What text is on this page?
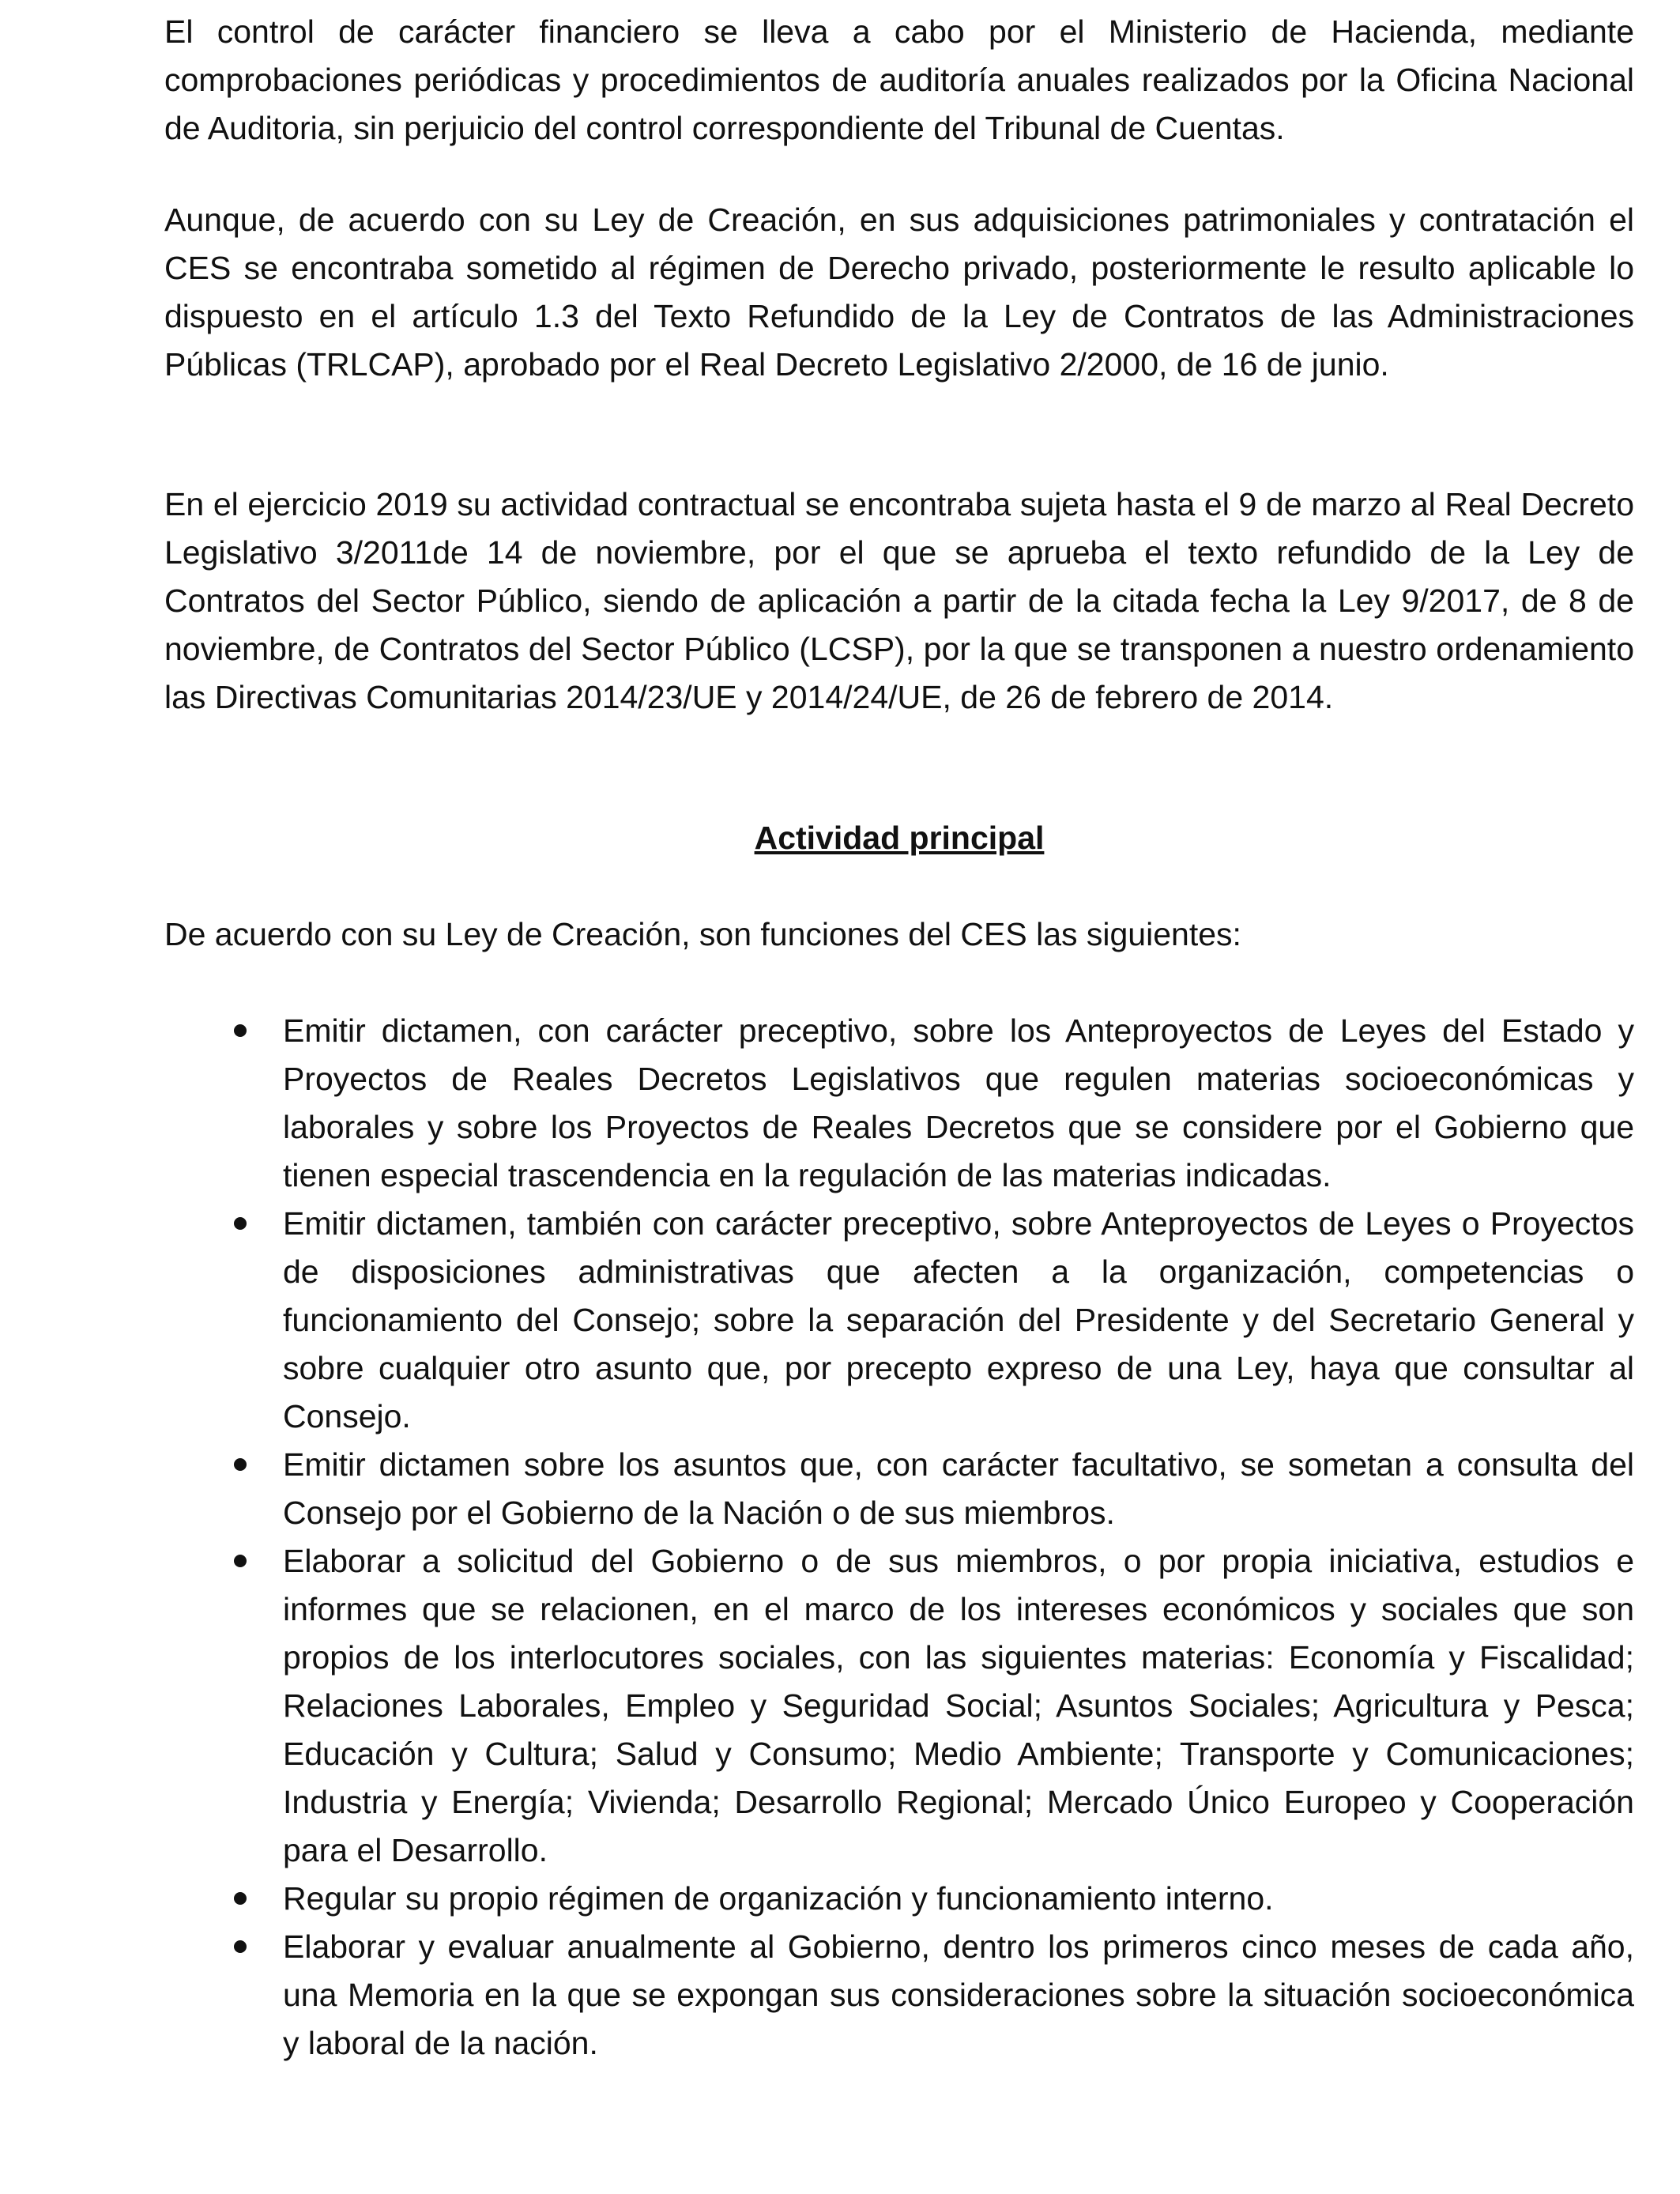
El control de carácter financiero se lleva a cabo por el Ministerio de Hacienda, mediante comprobaciones periódicas y procedimientos de auditoría anuales realizados por la Oficina Nacional de Auditoria, sin perjuicio del control correspondiente del Tribunal de Cuentas.

Aunque, de acuerdo con su Ley de Creación, en sus adquisiciones patrimoniales y contratación el CES se encontraba sometido al régimen de Derecho privado, posteriormente le resulto aplicable lo dispuesto en el artículo 1.3 del Texto Refundido de la Ley de Contratos de las Administraciones Públicas (TRLCAP), aprobado por el Real Decreto Legislativo 2/2000, de 16 de junio.

En el ejercicio 2019 su actividad contractual se encontraba sujeta hasta el 9 de marzo al Real Decreto Legislativo 3/2011de 14 de noviembre, por el que se aprueba el texto refundido de la Ley de Contratos del Sector Público, siendo de aplicación a partir de la citada fecha la Ley 9/2017, de 8 de noviembre, de Contratos del Sector Público (LCSP), por la que se transponen a nuestro ordenamiento las Directivas Comunitarias 2014/23/UE y 2014/24/UE, de 26 de febrero de 2014.

Actividad principal

De acuerdo con su Ley de Creación, son funciones del CES las siguientes:

Emitir dictamen, con carácter preceptivo, sobre los Anteproyectos de Leyes del Estado y Proyectos de Reales Decretos Legislativos que regulen materias socioeconómicas y laborales y sobre los Proyectos de Reales Decretos que se considere por el Gobierno que tienen especial trascendencia en la regulación de las materias indicadas.
Emitir dictamen, también con carácter preceptivo, sobre Anteproyectos de Leyes o Proyectos de disposiciones administrativas que afecten a la organización, competencias o funcionamiento del Consejo; sobre la separación del Presidente y del Secretario General y sobre cualquier otro asunto que, por precepto expreso de una Ley, haya que consultar al Consejo.
Emitir dictamen sobre los asuntos que, con carácter facultativo, se sometan a consulta del Consejo por el Gobierno de la Nación o de sus miembros.
Elaborar a solicitud del Gobierno o de sus miembros, o por propia iniciativa, estudios e informes que se relacionen, en el marco de los intereses económicos y sociales que son propios de los interlocutores sociales, con las siguientes materias: Economía y Fiscalidad; Relaciones Laborales, Empleo y Seguridad Social; Asuntos Sociales; Agricultura y Pesca; Educación y Cultura; Salud y Consumo; Medio Ambiente; Transporte y Comunicaciones; Industria y Energía; Vivienda; Desarrollo Regional; Mercado Único Europeo y Cooperación para el Desarrollo.
Regular su propio régimen de organización y funcionamiento interno.
Elaborar y evaluar anualmente al Gobierno, dentro los primeros cinco meses de cada año, una Memoria en la que se expongan sus consideraciones sobre la situación socioeconómica y laboral de la nación.
